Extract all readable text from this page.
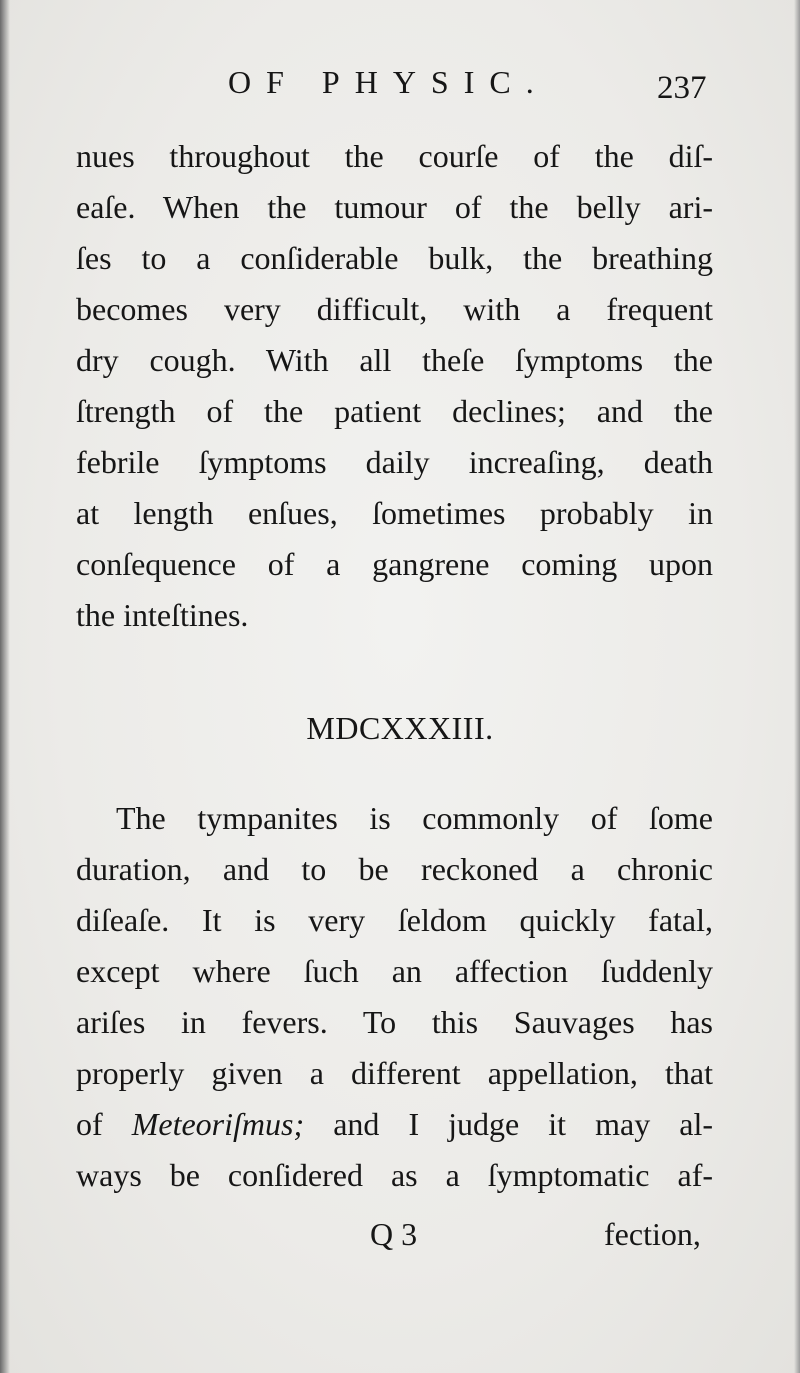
OF PHYSIC.	237
nues throughout the courſe of the diſ-
eaſe. When the tumour of the belly ari-
ſes to a conſiderable bulk, the breathing
becomes very difficult, with a frequent
dry cough. With all theſe ſymptoms the
ſtrength of the patient declines; and the
febrile ſymptoms daily increaſing, death
at length enſues, ſometimes probably in
conſequence of a gangrene coming upon
the inteſtines.
MDCXXXIII.
The tympanites is commonly of ſome
duration, and to be reckoned a chronic
diſeaſe. It is very ſeldom quickly fatal,
except where ſuch an affection ſuddenly
ariſes in fevers. To this Sauvages has
properly given a different appellation, that
of Meteoriſmus; and I judge it may al-
ways be conſidered as a ſymptomatic af-
Q 3	fection,
